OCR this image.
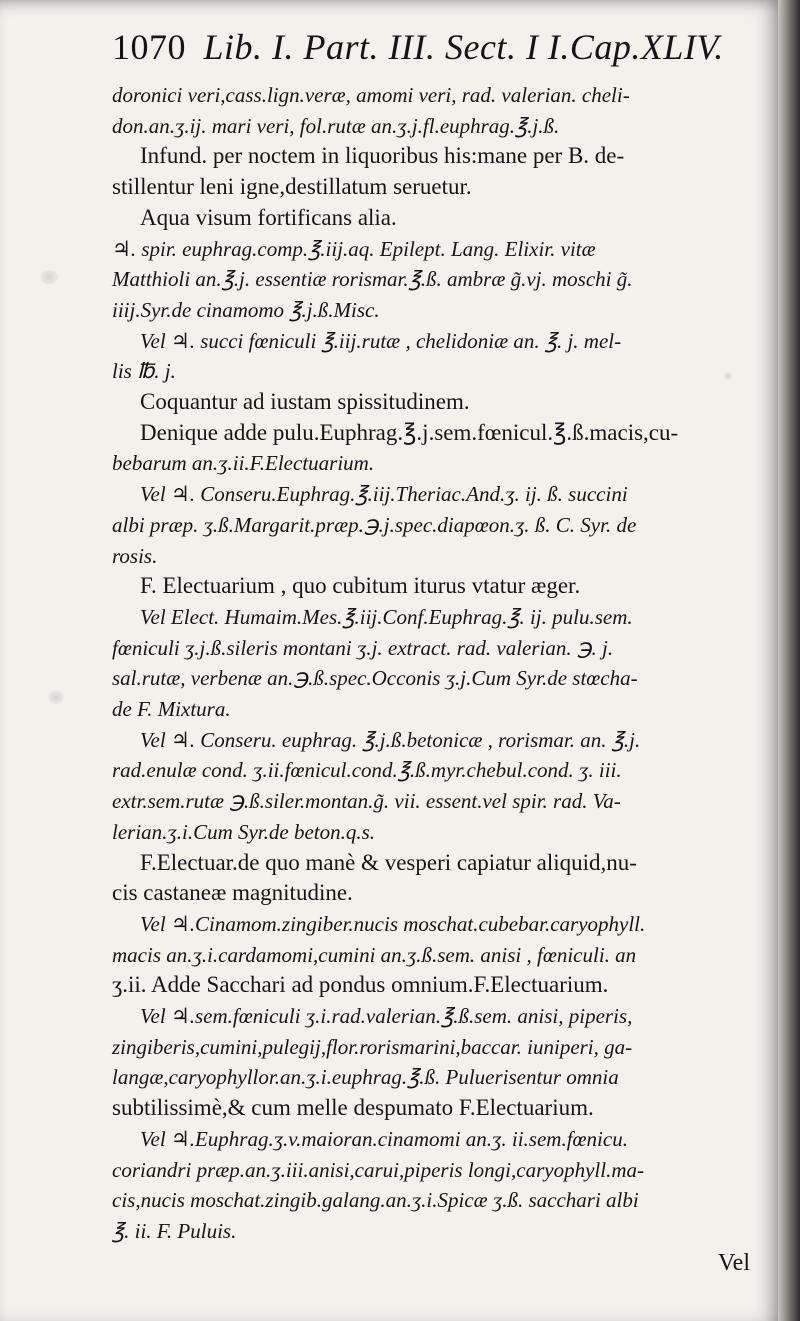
1070 Lib. I. Part. III. Sect. I I.Cap.XLIV.
doronici veri,cass.lign.veræ, amomi veri, rad. valerian. cheli-
don.an.ʒ.ij. mari veri, fol.rutæ an.ʒ.j.fl.euphrag.℥.j.ß.
Infund. per noctem in liquoribus his:mane per B. de-
stillentur leni igne,destillatum seruetur.
Aqua visum fortificans alia.
♃. spir. euphrag.comp.℥.iij.aq. Epilept. Lang. Elixir. vitæ
Matthioli an.℥.j. essentiæ rorismar.℥.ß. ambræ g̃.vj. moschi g̃.
iiij.Syr.de cinamomo ℥.j.ß.Misc.
Vel ♃. succi fœniculi ℥.iij.rutæ , chelidoniæ an. ℥. j. mel-
lis ℔. j.
Coquantur ad iustam spissitudinem.
Denique adde pulu.Euphrag.℥.j.sem.fœnicul.℥.ß.macis,cu-
bebarum an.ʒ.ii.F.Electuarium.
Vel ♃. Conseru.Euphrag.℥.iij.Theriac.And.ʒ. ij. ß. succini
albi præp. ʒ.ß.Margarit.præp.℈.j.spec.diapœon.ʒ. ß. C. Syr. de
rosis.
F. Electuarium , quo cubitum iturus vtatur æger.
Vel Elect. Humaim.Mes.℥.iij.Conf.Euphrag.℥. ij. pulu.sem.
fœniculi ʒ.j.ß.sileris montani ʒ.j. extract. rad. valerian. ℈. j.
sal.rutæ, verbenæ an.℈.ß.spec.Occonis ʒ.j.Cum Syr.de stœcha-
de F. Mixtura.
Vel ♃. Conseru. euphrag. ℥.j.ß.betonicæ , rorismar. an. ℥.j.
rad.enulæ cond. ʒ.ii.fœnicul.cond.℥.ß.myr.chebul.cond. ʒ. iii.
extr.sem.rutæ ℈.ß.siler.montan.g̃. vii. essent.vel spir. rad. Va-
lerian.ʒ.i.Cum Syr.de beton.q.s.
F.Electuar.de quo manè & vesperi capiatur aliquid,nu-
cis castaneæ magnitudine.
Vel ♃.Cinamom.zingiber.nucis moschat.cubebar.caryophyll.
macis an.ʒ.i.cardamomi,cumini an.ʒ.ß.sem. anisi , fœniculi. an
ʒ.ii. Adde Sacchari ad pondus omnium.F.Electuarium.
Vel ♃.sem.fœniculi ʒ.i.rad.valerian.℥.ß.sem. anisi, piperis,
zingiberis,cumini,pulegij,flor.rorismarini,baccar. iuniperi, ga-
langæ,caryophyllor.an.ʒ.i.euphrag.℥.ß. Puluerisentur omnia
subtilissimè,& cum melle despumato F.Electuarium.
Vel ♃.Euphrag.ʒ.v.maioran.cinamomi an.ʒ. ii.sem.fœnicu.
coriandri præp.an.ʒ.iii.anisi,carui,piperis longi,caryophyll.ma-
cis,nucis moschat.zingib.galang.an.ʒ.i.Spicæ ʒ.ß. sacchari albi
℥. ii. F. Puluis.
Vel
